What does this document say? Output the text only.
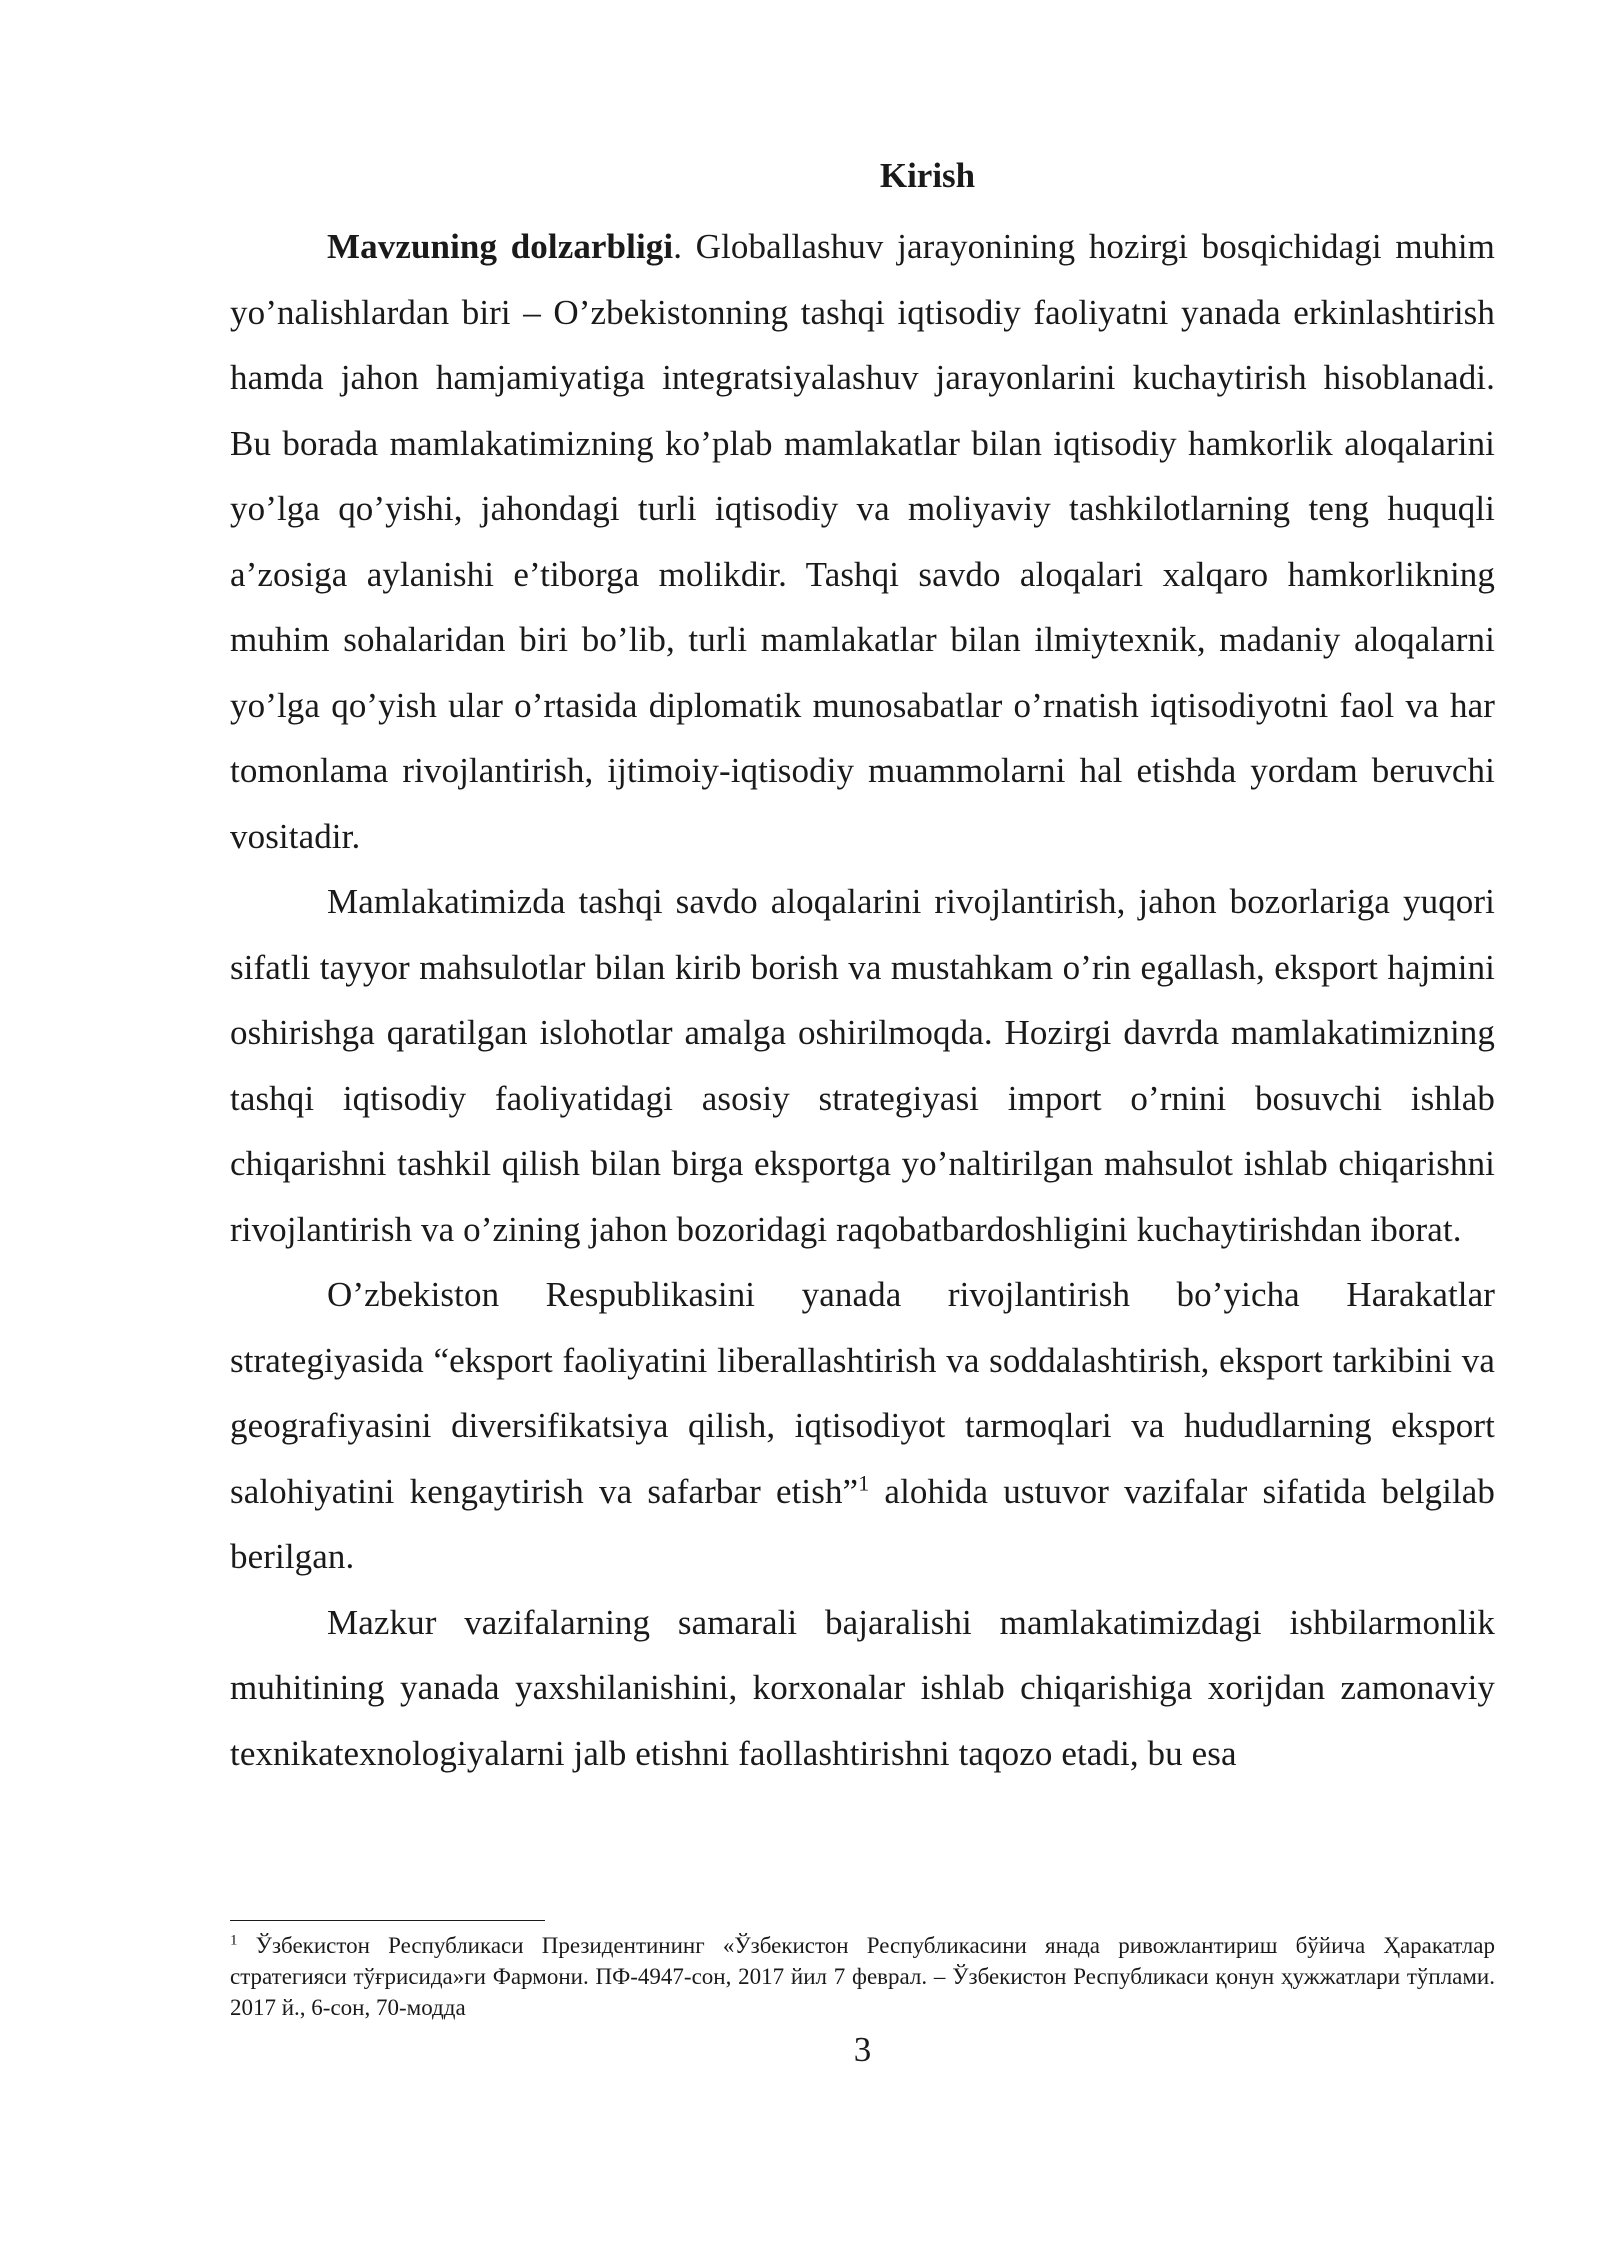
Kirish

Mavzuning dolzarbligi. Globallashuv jarayonining hozirgi bosqichidagi muhim yo’nalishlardan biri – O’zbekistonning tashqi iqtisodiy faoliyatni yanada erkinlashtirish hamda jahon hamjamiyatiga integratsiyalashuv jarayonlarini kuchaytirish hisoblanadi. Bu borada mamlakatimizning ko’plab mamlakatlar bilan iqtisodiy hamkorlik aloqalarini yo’lga qo’yishi, jahondagi turli iqtisodiy va moliyaviy tashkilotlarning teng huquqli a’zosiga aylanishi e’tiborga molikdir. Tashqi savdo aloqalari xalqaro hamkorlikning muhim sohalaridan biri bo’lib, turli mamlakatlar bilan ilmiytexnik, madaniy aloqalarni yo’lga qo’yish ular o’rtasida diplomatik munosabatlar o’rnatish iqtisodiyotni faol va har tomonlama rivojlantirish, ijtimoiy-iqtisodiy muammolarni hal etishda yordam beruvchi vositadir.

Mamlakatimizda tashqi savdo aloqalarini rivojlantirish, jahon bozorlariga yuqori sifatli tayyor mahsulotlar bilan kirib borish va mustahkam o’rin egallash, eksport hajmini oshirishga qaratilgan islohotlar amalga oshirilmoqda. Hozirgi davrda mamlakatimizning tashqi iqtisodiy faoliyatidagi asosiy strategiyasi import o’rnini bosuvchi ishlab chiqarishni tashkil qilish bilan birga eksportga yo’naltirilgan mahsulot ishlab chiqarishni rivojlantirish va o’zining jahon bozoridagi raqobatbardoshligini kuchaytirishdan iborat.

O’zbekiston Respublikasini yanada rivojlantirish bo’yicha Harakatlar strategiyasida “eksport faoliyatini liberallashtirish va soddalashtirish, eksport tarkibini va geografiyasini diversifikatsiya qilish, iqtisodiyot tarmoqlari va hududlarning eksport salohiyatini kengaytirish va safarbar etish”$^1$ alohida ustuvor vazifalar sifatida belgilab berilgan.

Mazkur vazifalarning samarali bajaralishi mamlakatimizdagi ishbilarmonlik muhitining yanada yaxshilanishini, korxonalar ishlab chiqarishiga xorijdan zamonaviy texnikatexnologiyalarni jalb etishni faollashtirishni taqozo etadi, bu esa

$^1$ Ўзбекистон Республикаси Президентининг «Ўзбекистон Республикасини янада ривожлантириш бўйича Ҳаракатлар стратегияси тўғрисида»ги Фармони. ПФ-4947-сон, 2017 йил 7 феврал. – Ўзбекистон Республикаси қонун ҳужжатлари тўплами. 2017 й., 6-сон, 70-модда

3
